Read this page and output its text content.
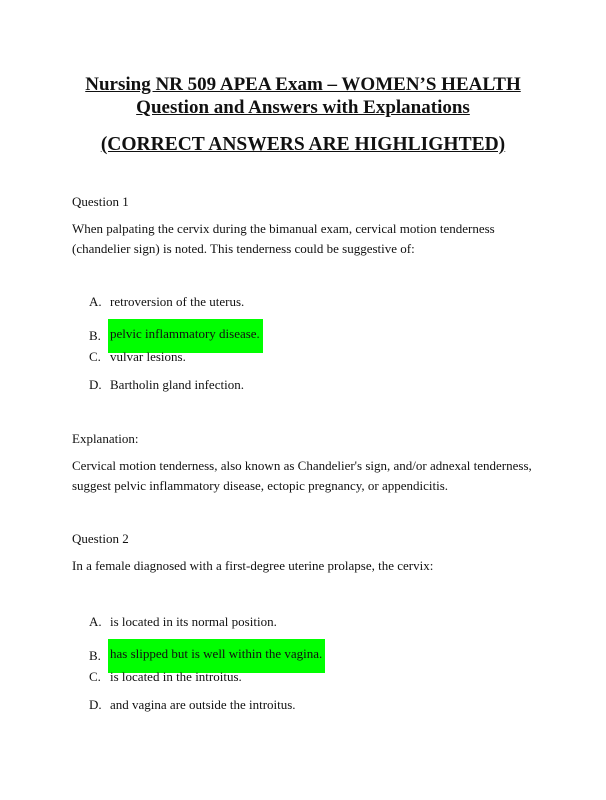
Nursing NR 509 APEA Exam – WOMEN’S HEALTH
Question and Answers with Explanations
(CORRECT ANSWERS ARE HIGHLIGHTED)

Question 1

When palpating the cervix during the bimanual exam, cervical motion tenderness (chandelier sign) is noted. This tenderness could be suggestive of:

A. retroversion of the uterus.
B. pelvic inflammatory disease.
C. vulvar lesions.
D. Bartholin gland infection.

Explanation:

Cervical motion tenderness, also known as Chandelier's sign, and/or adnexal tenderness, suggest pelvic inflammatory disease, ectopic pregnancy, or appendicitis.

Question 2

In a female diagnosed with a first-degree uterine prolapse, the cervix:

A. is located in its normal position.
B. has slipped but is well within the vagina.
C. is located in the introitus.
D. and vagina are outside the introitus.
